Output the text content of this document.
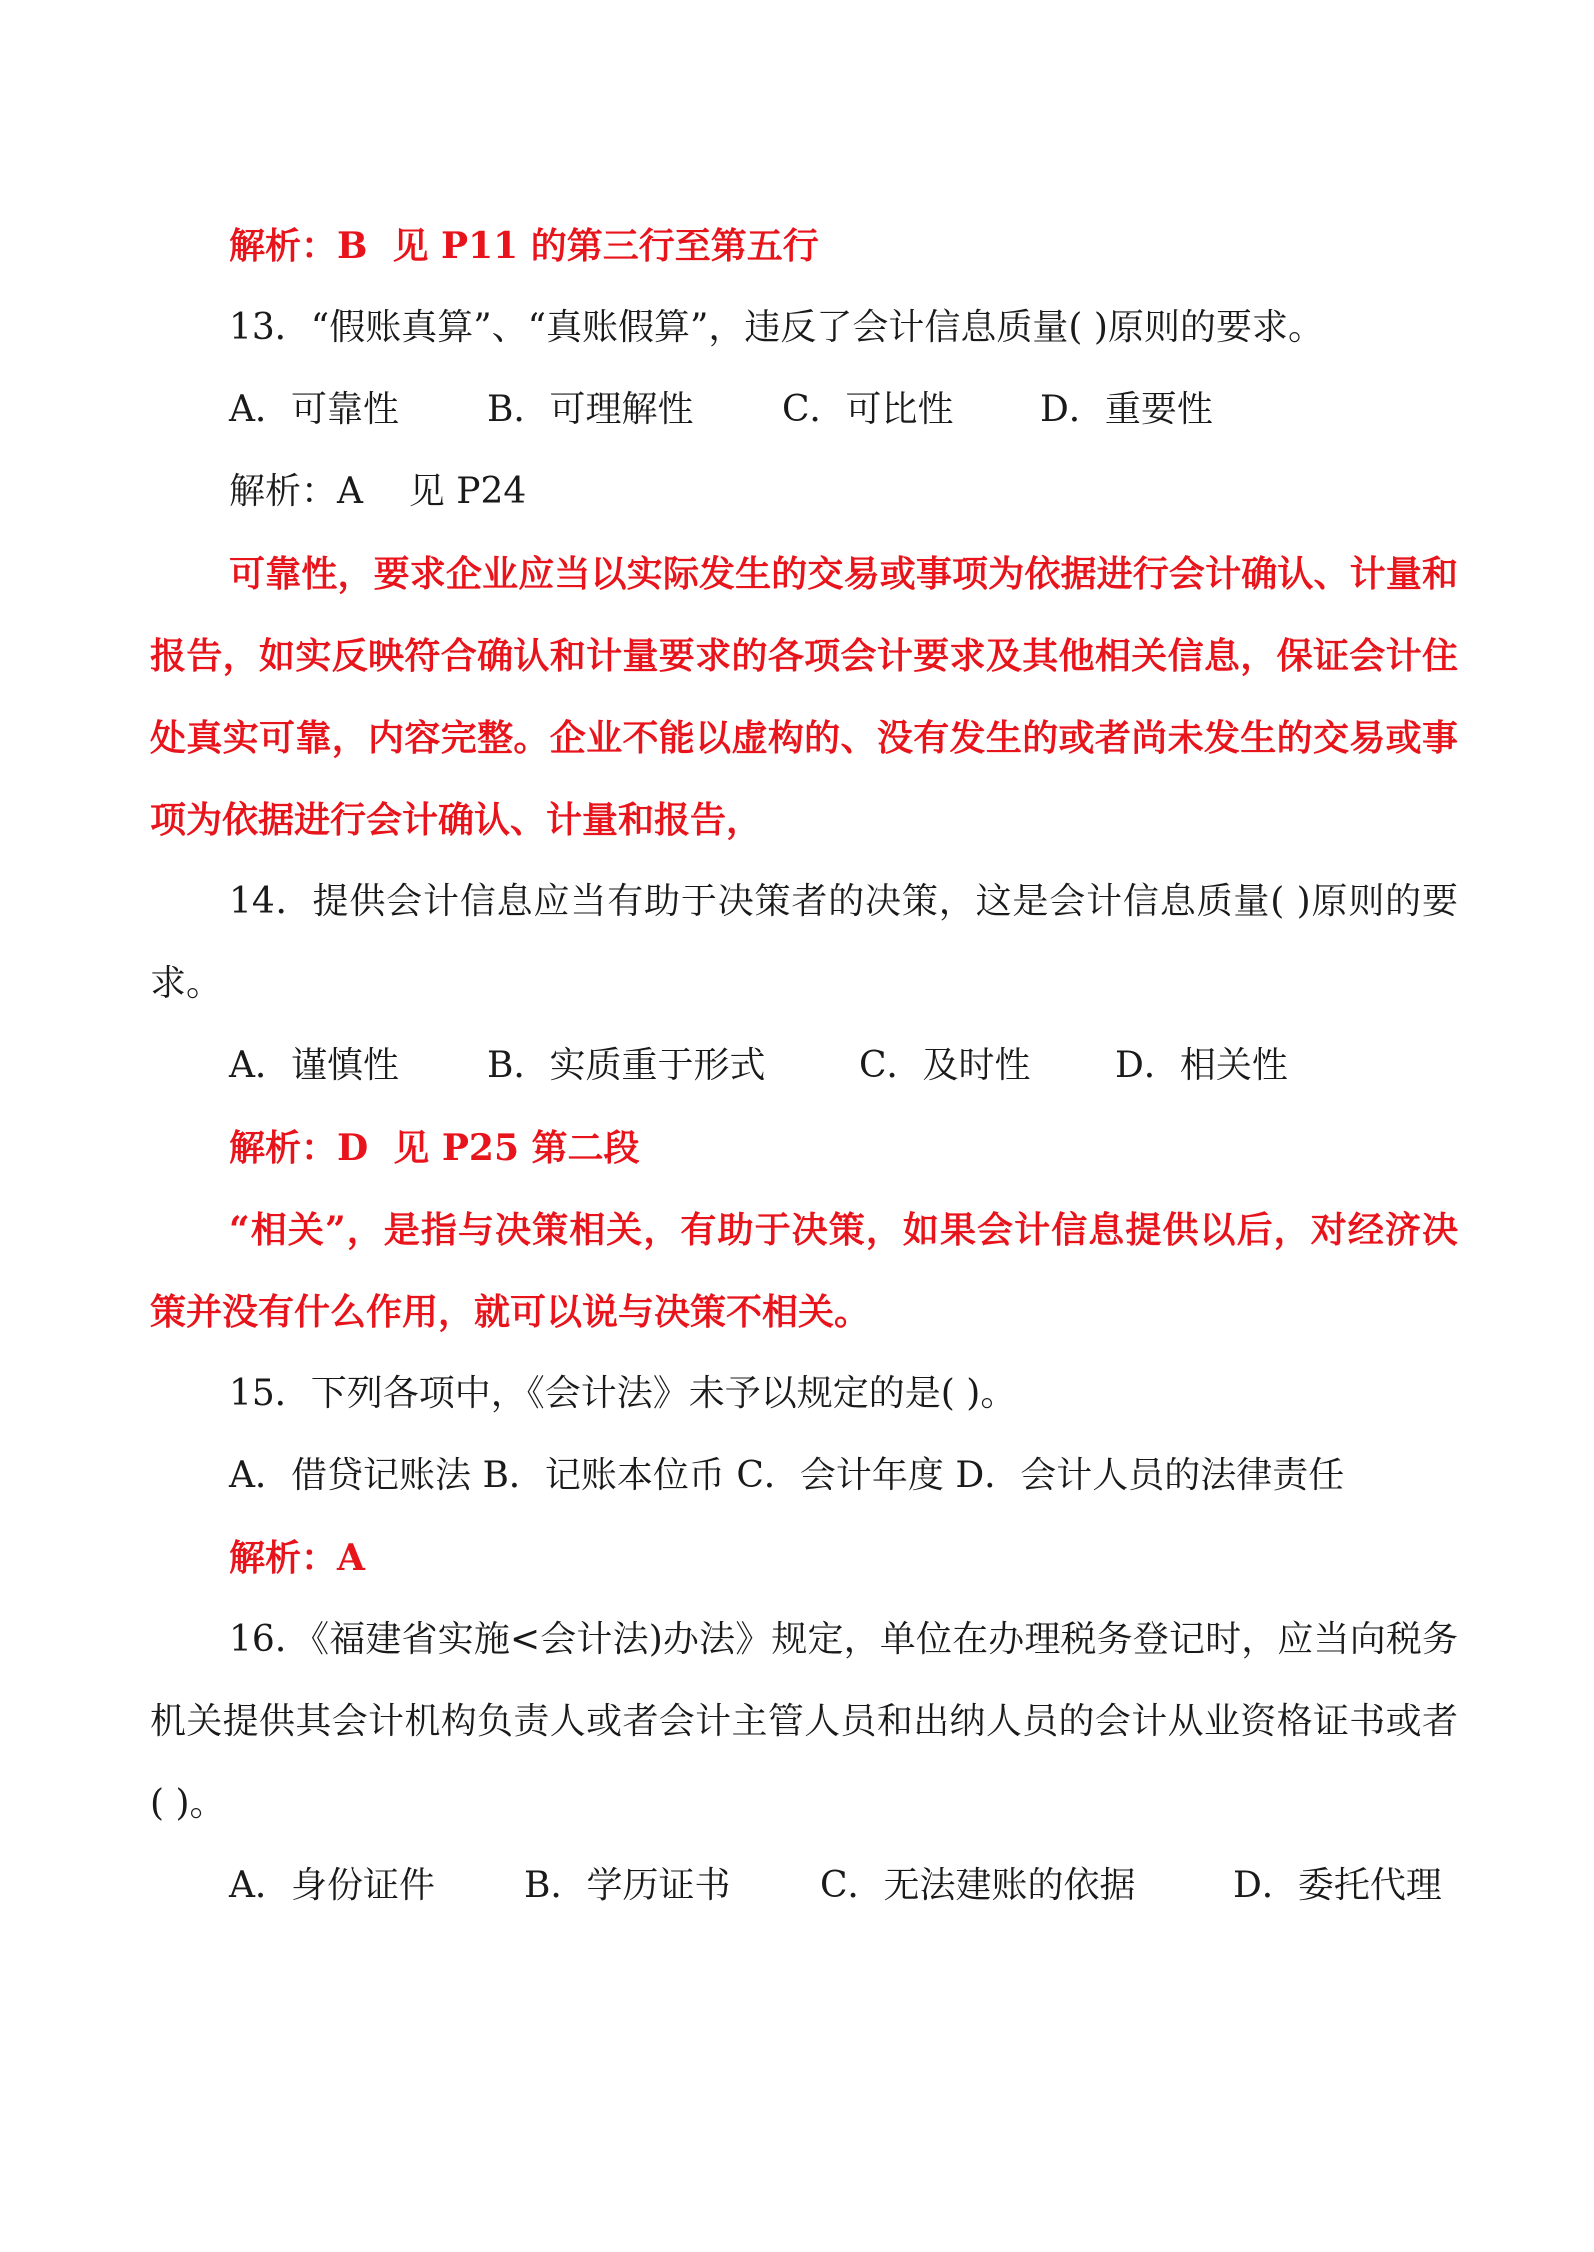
解析：B  见 P11 的第三行至第五行

13．“假账真算”、“真账假算”，违反了会计信息质量( )原则的要求。

A．可靠性	B．可理解性	C．可比性	D．重要性

解析：A    见 P24

可靠性，要求企业应当以实际发生的交易或事项为依据进行会计确认、计量和报告，如实反映符合确认和计量要求的各项会计要求及其他相关信息，保证会计住处真实可靠，内容完整。企业不能以虚构的、没有发生的或者尚未发生的交易或事项为依据进行会计确认、计量和报告，

14．提供会计信息应当有助于决策者的决策，这是会计信息质量( )原则的要求。

A．谨慎性	B．实质重于形式	C．及时性	D．相关性

解析：D  见 P25 第二段

“相关”，是指与决策相关，有助于决策，如果会计信息提供以后，对经济决策并没有什么作用，就可以说与决策不相关。

15．下列各项中，《会计法》未予以规定的是( )。

A．借贷记账法 B．记账本位币 C．会计年度 D．会计人员的法律责任

解析：A

16．《福建省实施<会计法)办法》规定，单位在办理税务登记时，应当向税务机关提供其会计机构负责人或者会计主管人员和出纳人员的会计从业资格证书或者( )。

A．身份证件	B．学历证书	C．无法建账的依据	D．委托代理
